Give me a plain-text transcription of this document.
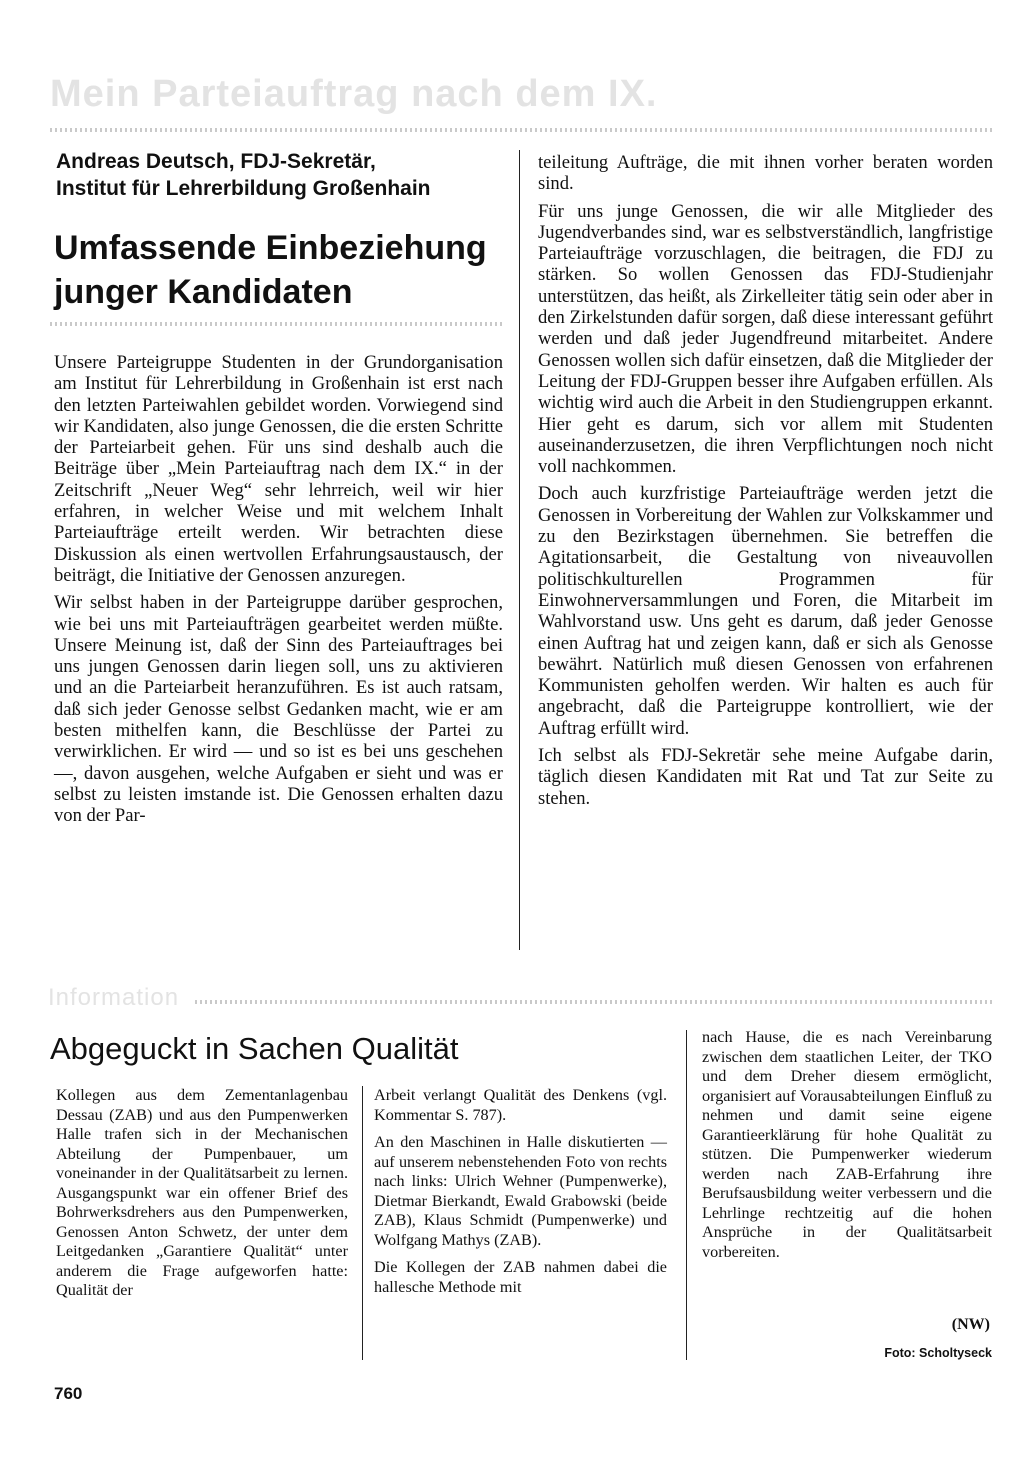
Mein Parteiauftrag nach dem IX.
Andreas Deutsch, FDJ-Sekretär,
Institut für Lehrerbildung Großenhain
Umfassende Einbeziehung
junger Kandidaten

Unsere Parteigruppe Studenten in der Grundorganisation am Institut für Lehrerbildung in Großenhain ist erst nach den letzten Parteiwahlen gebildet worden. Vorwiegend sind wir Kandidaten, also junge Genossen, die die ersten Schritte der Parteiarbeit gehen. Für uns sind deshalb auch die Beiträge über „Mein Parteiauftrag nach dem IX.“ in der Zeitschrift „Neuer Weg“ sehr lehrreich, weil wir hier erfahren, in welcher Weise und mit welchem Inhalt Parteiaufträge erteilt werden. Wir betrachten diese Diskussion als einen wertvollen Erfahrungsaustausch, der beiträgt, die Initiative der Genossen anzuregen.

Wir selbst haben in der Parteigruppe darüber gesprochen, wie bei uns mit Parteiaufträgen gearbeitet werden müßte. Unsere Meinung ist, daß der Sinn des Parteiauftrages bei uns jungen Genossen darin liegen soll, uns zu aktivieren und an die Parteiarbeit heranzuführen. Es ist auch ratsam, daß sich jeder Genosse selbst Gedanken macht, wie er am besten mithelfen kann, die Beschlüsse der Partei zu verwirklichen. Er wird — und so ist es bei uns geschehen —, davon ausgehen, welche Aufgaben er sieht und was er selbst zu leisten imstande ist. Die Genossen erhalten dazu von der Par-

teileitung Aufträge, die mit ihnen vorher beraten worden sind.

Für uns junge Genossen, die wir alle Mitglieder des Jugendverbandes sind, war es selbstverständlich, langfristige Parteiaufträge vorzuschlagen, die beitragen, die FDJ zu stärken. So wollen Genossen das FDJ-Studienjahr unterstützen, das heißt, als Zirkelleiter tätig sein oder aber in den Zirkelstunden dafür sorgen, daß diese interessant geführt werden und daß jeder Jugendfreund mitarbeitet. Andere Genossen wollen sich dafür einsetzen, daß die Mitglieder der Leitung der FDJ-Gruppen besser ihre Aufgaben erfüllen. Als wichtig wird auch die Arbeit in den Studiengruppen erkannt. Hier geht es darum, sich vor allem mit Studenten auseinanderzusetzen, die ihren Verpflichtungen noch nicht voll nachkommen.

Doch auch kurzfristige Parteiaufträge werden jetzt die Genossen in Vorbereitung der Wahlen zur Volkskammer und zu den Bezirkstagen übernehmen. Sie betreffen die Agitationsarbeit, die Gestaltung von niveauvollen politischkulturellen Programmen für Einwohnerversammlungen und Foren, die Mitarbeit im Wahlvorstand usw. Uns geht es darum, daß jeder Genosse einen Auftrag hat und zeigen kann, daß er sich als Genosse bewährt. Natürlich muß diesen Genossen von erfahrenen Kommunisten geholfen werden. Wir halten es auch für angebracht, daß die Parteigruppe kontrolliert, wie der Auftrag erfüllt wird.

Ich selbst als FDJ-Sekretär sehe meine Aufgabe darin, täglich diesen Kandidaten mit Rat und Tat zur Seite zu stehen.

Information
Abgeguckt in Sachen Qualität

Kollegen aus dem Zementanlagenbau Dessau (ZAB) und aus den Pumpenwerken Halle trafen sich in der Mechanischen Abteilung der Pumpenbauer, um voneinander in der Qualitätsarbeit zu lernen. Ausgangspunkt war ein offener Brief des Bohrwerksdrehers aus den Pumpenwerken, Genossen Anton Schwetz, der unter dem Leitgedanken „Garantiere Qualität“ unter anderem die Frage aufgeworfen hatte: Qualität der

Arbeit verlangt Qualität des Denkens (vgl. Kommentar S. 787).

An den Maschinen in Halle diskutierten — auf unserem nebenstehenden Foto von rechts nach links: Ulrich Wehner (Pumpenwerke), Dietmar Bierkandt, Ewald Grabowski (beide ZAB), Klaus Schmidt (Pumpenwerke) und Wolfgang Mathys (ZAB).

Die Kollegen der ZAB nahmen dabei die hallesche Methode mit

nach Hause, die es nach Vereinbarung zwischen dem staatlichen Leiter, der TKO und dem Dreher diesem ermöglicht, organisiert auf Vorausabteilungen Einfluß zu nehmen und damit seine eigene Garantieerklärung für hohe Qualität zu stützen. Die Pumpenwerker wiederum werden nach ZAB-Erfahrung ihre Berufsausbildung weiter verbessern und die Lehrlinge rechtzeitig auf die hohen Ansprüche in der Qualitätsarbeit vorbereiten.

(NW)
Foto: Scholtyseck
760
